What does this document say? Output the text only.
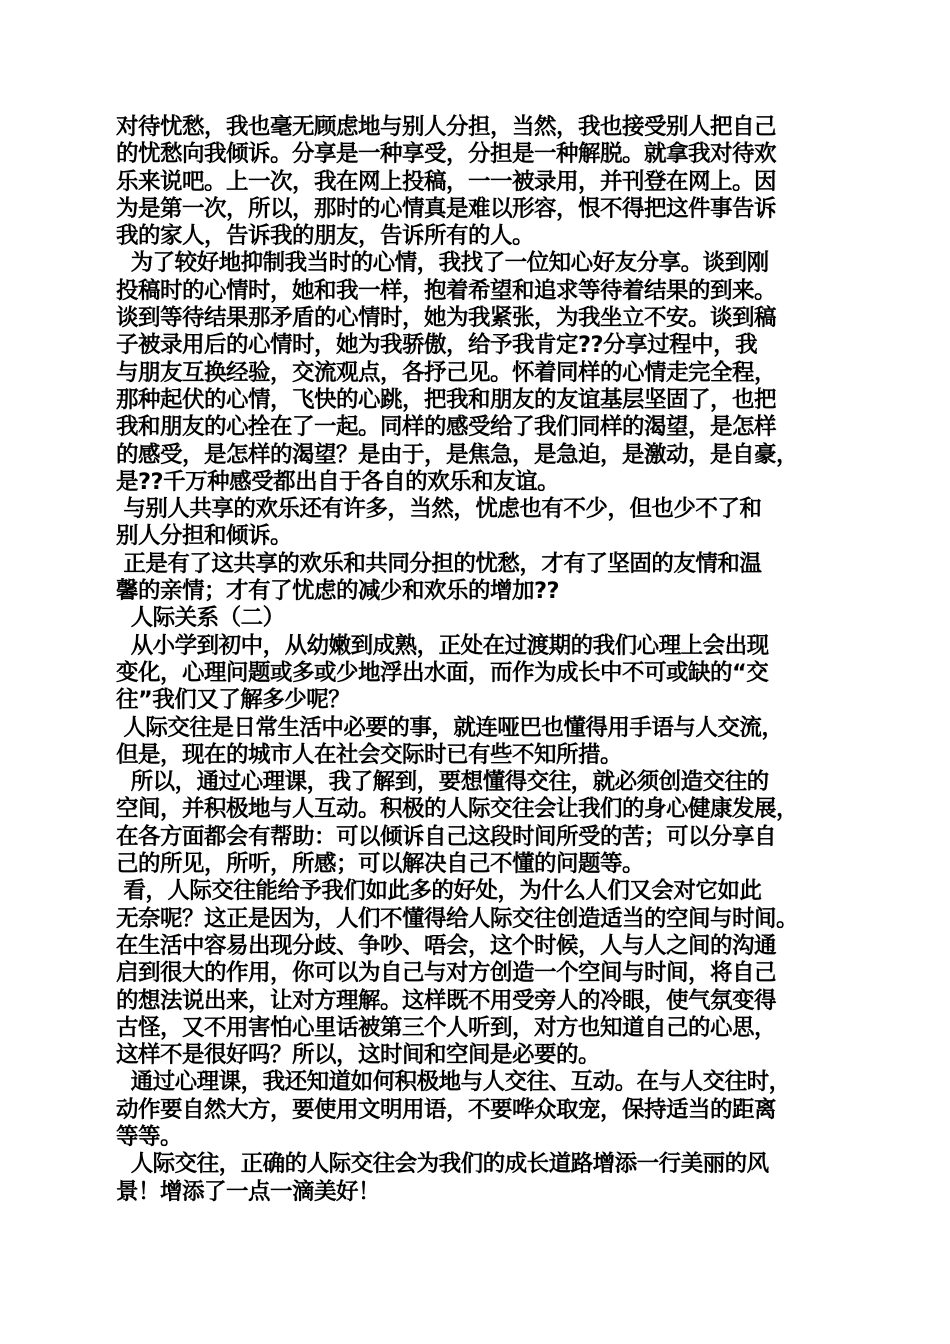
对待忧愁，我也毫无顾虑地与别人分担，当然，我也接受别人把自己
的忧愁向我倾诉。分享是一种享受，分担是一种解脱。就拿我对待欢
乐来说吧。上一次，我在网上投稿，一一被录用，并刊登在网上。因
为是第一次，所以，那时的心情真是难以形容，恨不得把这件事告诉
我的家人，告诉我的朋友，告诉所有的人。
为了较好地抑制我当时的心情，我找了一位知心好友分享。谈到刚
投稿时的心情时，她和我一样，抱着希望和追求等待着结果的到来。
谈到等待结果那矛盾的心情时，她为我紧张，为我坐立不安。谈到稿
子被录用后的心情时，她为我骄傲，给予我肯定??分享过程中，我
与朋友互换经验，交流观点，各抒己见。怀着同样的心情走完全程，
那种起伏的心情，飞快的心跳，把我和朋友的友谊基层坚固了，也把
我和朋友的心拴在了一起。同样的感受给了我们同样的渴望，是怎样
的感受，是怎样的渴望？是由于，是焦急，是急迫，是激动，是自豪，
是??千万种感受都出自于各自的欢乐和友谊。
与别人共享的欢乐还有许多，当然，忧虑也有不少，但也少不了和
别人分担和倾诉。
正是有了这共享的欢乐和共同分担的忧愁，才有了坚固的友情和温
馨的亲情；才有了忧虑的减少和欢乐的增加??
人际关系（二）
从小学到初中，从幼嫩到成熟，正处在过渡期的我们心理上会出现
变化，心理问题或多或少地浮出水面，而作为成长中不可或缺的“交
往”我们又了解多少呢？
人际交往是日常生活中必要的事，就连哑巴也懂得用手语与人交流，
但是，现在的城市人在社会交际时已有些不知所措。
所以，通过心理课，我了解到，要想懂得交往，就必须创造交往的
空间，并积极地与人互动。积极的人际交往会让我们的身心健康发展，
在各方面都会有帮助：可以倾诉自己这段时间所受的苦；可以分享自
己的所见，所听，所感；可以解决自己不懂的问题等。
看，人际交往能给予我们如此多的好处，为什么人们又会对它如此
无奈呢？这正是因为，人们不懂得给人际交往创造适当的空间与时间。
在生活中容易出现分歧、争吵、唔会，这个时候，人与人之间的沟通
启到很大的作用，你可以为自己与对方创造一个空间与时间，将自己
的想法说出来，让对方理解。这样既不用受旁人的冷眼，使气氛变得
古怪，又不用害怕心里话被第三个人听到，对方也知道自己的心思，
这样不是很好吗？所以，这时间和空间是必要的。
通过心理课，我还知道如何积极地与人交往、互动。在与人交往时，
动作要自然大方，要使用文明用语，不要哗众取宠，保持适当的距离
等等。
人际交往，正确的人际交往会为我们的成长道路增添一行美丽的风
景！增添了一点一滴美好！
